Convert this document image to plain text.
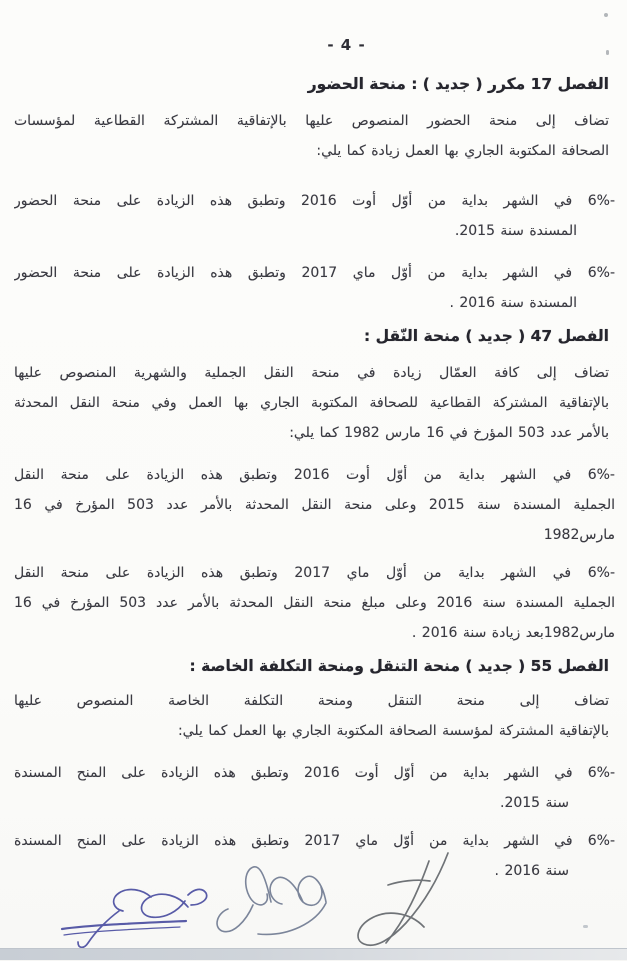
- 4 -
الفصل 17 مكرر ( جديد ) : منحة الحضور
تضاف إلى منحة الحضور المنصوص عليها بالإتفاقية المشتركة القطاعية لمؤسسات
الصحافة المكتوبة الجاري بها العمل زيادة كما يلي:
-6% في الشهر بداية من أوّل أوت 2016 وتطبق هذه الزيادة على منحة الحضور
المسندة سنة 2015.
-6% في الشهر بداية من أوّل ماي 2017 وتطبق هذه الزيادة على منحة الحضور
المسندة سنة 2016 .
الفصل 47 ( جديد ) منحة النّقل :
تضاف إلى كافة العمّال زيادة في منحة النقل الجملية والشهرية المنصوص عليها
بالإتفاقية المشتركة القطاعية للصحافة المكتوبة الجاري بها العمل وفي منحة النقل المحدثة
بالأمر عدد 503 المؤرخ في 16 مارس 1982 كما يلي:
-6% في الشهر بداية من أوّل أوت 2016 وتطبق هذه الزيادة على منحة النقل
الجملية المسندة سنة 2015 وعلى منحة النقل المحدثة بالأمر عدد 503 المؤرخ في 16
مارس1982
-6% في الشهر بداية من أوّل ماي 2017 وتطبق هذه الزيادة على منحة النقل
الجملية المسندة سنة 2016 وعلى مبلغ منحة النقل المحدثة بالأمر عدد 503 المؤرخ في 16
مارس1982بعد زيادة سنة 2016 .
الفصل 55 ( جديد ) منحة التنقل ومنحة التكلفة الخاصة :
تضاف إلى منحة التنقل ومنحة التكلفة الخاصة المنصوص عليها
بالإتفاقية المشتركة لمؤسسة الصحافة المكتوبة الجاري بها العمل كما يلي:
-6% في الشهر بداية من أوّل أوت 2016 وتطبق هذه الزيادة على المنح المسندة
سنة 2015.
-6% في الشهر بداية من أوّل ماي 2017 وتطبق هذه الزيادة على المنح المسندة
سنة 2016 .
